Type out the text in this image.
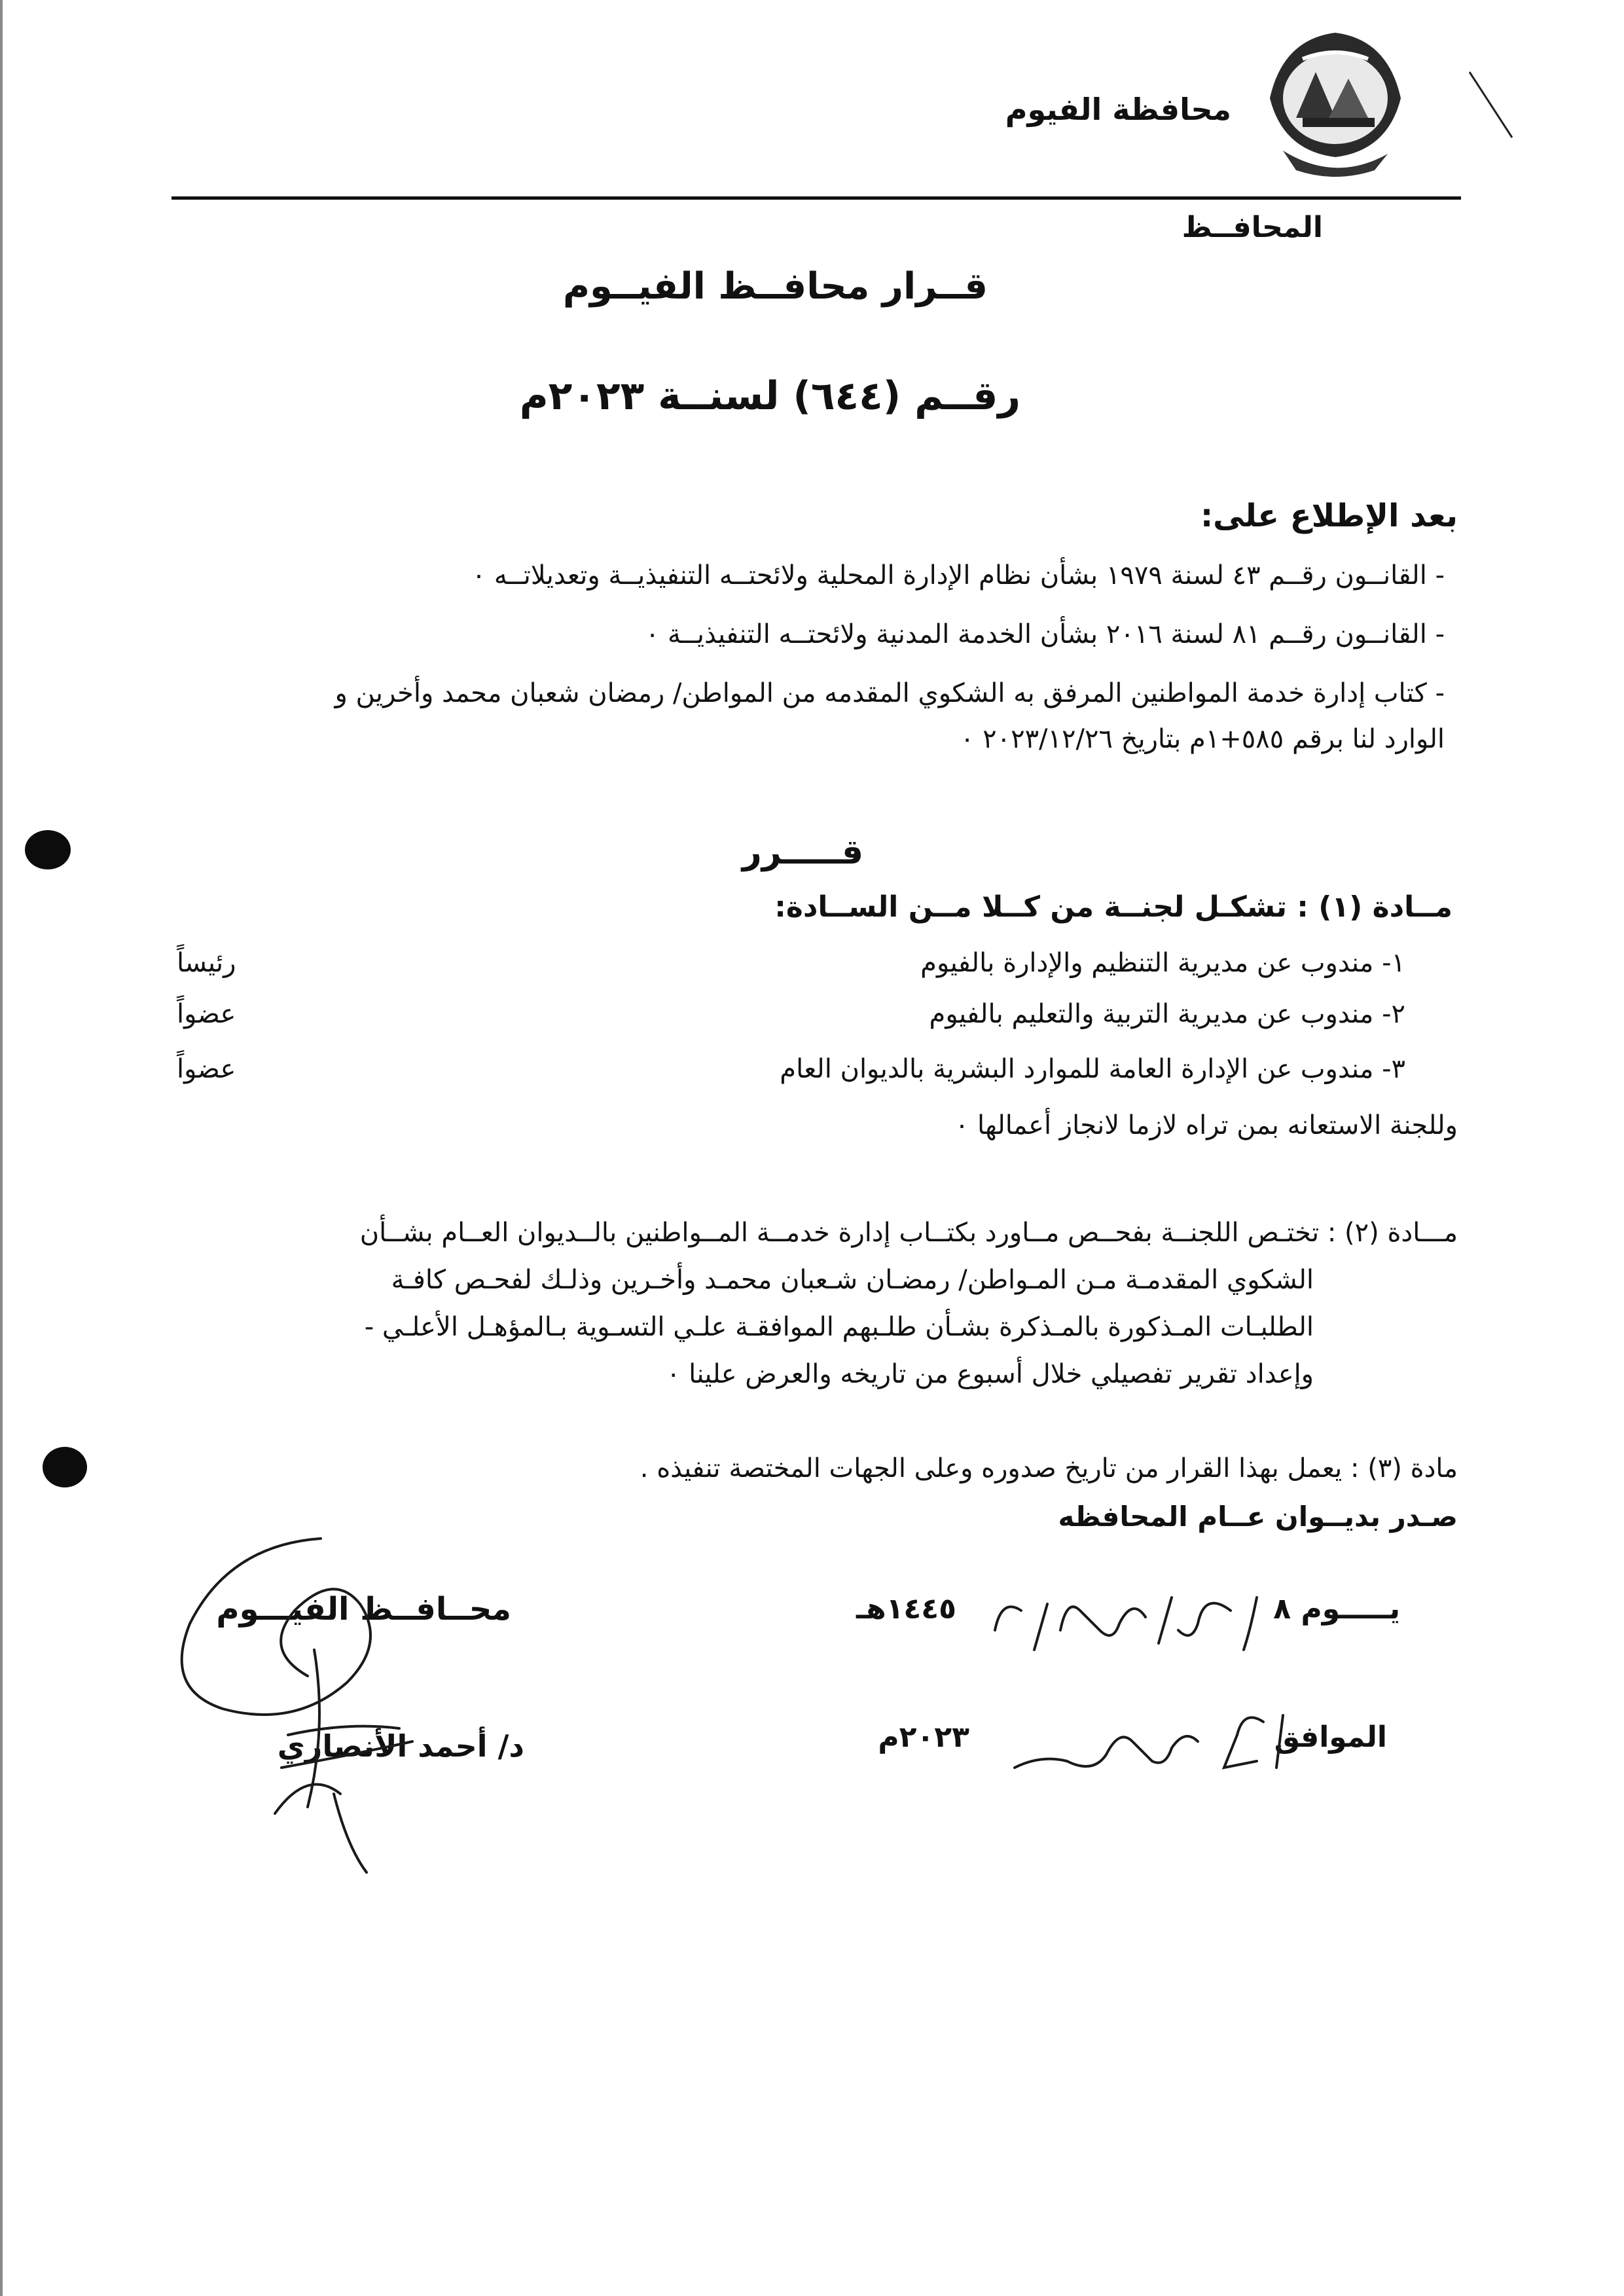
محافظة الفيوم
المحافــظ
قــرار محافــظ الفيــوم
رقــم (٦٤٤) لسنــة ٢٠٢٣م
بعد الإطلاع على:
- القانــون رقــم ٤٣ لسنة ١٩٧٩ بشأن نظام الإدارة المحلية ولائحتــه التنفيذيــة وتعديلاتــه ٠
- القانــون رقــم ٨١ لسنة ٢٠١٦ بشأن الخدمة المدنية ولائحتــه التنفيذيــة ٠
- كتاب إدارة خدمة المواطنين المرفق به الشكوي المقدمه من المواطن/ رمضان شعبان محمد وأخرين و
الوارد لنا برقم ٥٨٥+١م بتاريخ ٢٠٢٣/١٢/٢٦ ٠
قـــــرر
مــادة (١) : تشكـل لجنــة من كــلا مــن الســادة:
١- مندوب عن مديرية التنظيم والإدارة بالفيوم
رئيساً
٢- مندوب عن مديرية التربية والتعليم بالفيوم
عضواً
٣- مندوب عن الإدارة العامة للموارد البشرية بالديوان العام
عضواً
وللجنة الاستعانه بمن تراه لازما لانجاز أعمالها ٠
مـــادة (٢) : تختـص اللجنــة بفحــص مــاورد بكتــاب إدارة خدمــة المــواطنين بالــديوان العــام بشــأن
الشكوي المقدمـة مـن المـواطن/ رمضـان شـعبان محمـد وأخـرين وذلـك لفحـص كافـة
الطلبـات المـذكورة بالمـذكرة بشـأن طلـبهم الموافقـة علـي التسـوية بـالمؤهـل الأعلـي -
وإعداد تقرير تفصيلي خلال أسبوع من تاريخه والعرض علينا ٠
مادة (٣) : يعمل بهذا القرار من تاريخ صدوره وعلى الجهات المختصة تنفيذه .
صـدر بديــوان عــام المحافظه
يـــــوم ٨
١٤٤٥هـ
الموافق
٢٠٢٣م
محــافــظ الفيـــوم
د/ أحمد الأنصاري
